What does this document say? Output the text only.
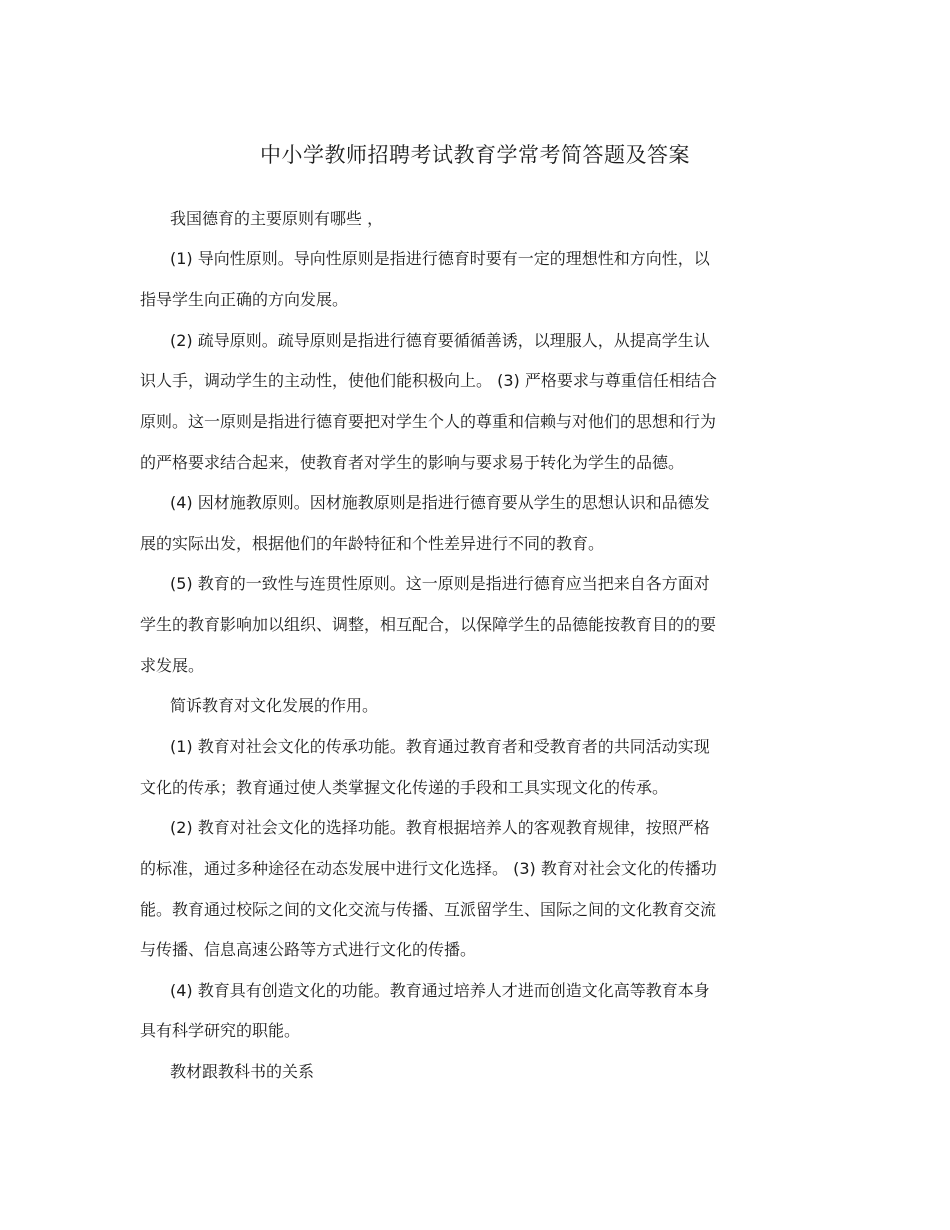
中小学教师招聘考试教育学常考简答题及答案
我国德育的主要原则有哪些 ，
(1) 导向性原则。导向性原则是指进行德育时要有一定的理想性和方向性，以
指导学生向正确的方向发展。
(2) 疏导原则。疏导原则是指进行德育要循循善诱，以理服人，从提高学生认
识人手，调动学生的主动性，使他们能积极向上。 (3) 严格要求与尊重信任相结合
原则。这一原则是指进行德育要把对学生个人的尊重和信赖与对他们的思想和行为
的严格要求结合起来，使教育者对学生的影响与要求易于转化为学生的品德。
(4) 因材施教原则。因材施教原则是指进行德育要从学生的思想认识和品德发
展的实际出发，根据他们的年龄特征和个性差异进行不同的教育。
(5) 教育的一致性与连贯性原则。这一原则是指进行德育应当把来自各方面对
学生的教育影响加以组织、调整，相互配合，以保障学生的品德能按教育目的的要
求发展。
简诉教育对文化发展的作用。
(1) 教育对社会文化的传承功能。教育通过教育者和受教育者的共同活动实现
文化的传承；教育通过使人类掌握文化传递的手段和工具实现文化的传承。
(2) 教育对社会文化的选择功能。教育根据培养人的客观教育规律，按照严格
的标准，通过多种途径在动态发展中进行文化选择。 (3) 教育对社会文化的传播功
能。教育通过校际之间的文化交流与传播、互派留学生、国际之间的文化教育交流
与传播、信息高速公路等方式进行文化的传播。
(4) 教育具有创造文化的功能。教育通过培养人才进而创造文化高等教育本身
具有科学研究的职能。
教材跟教科书的关系
